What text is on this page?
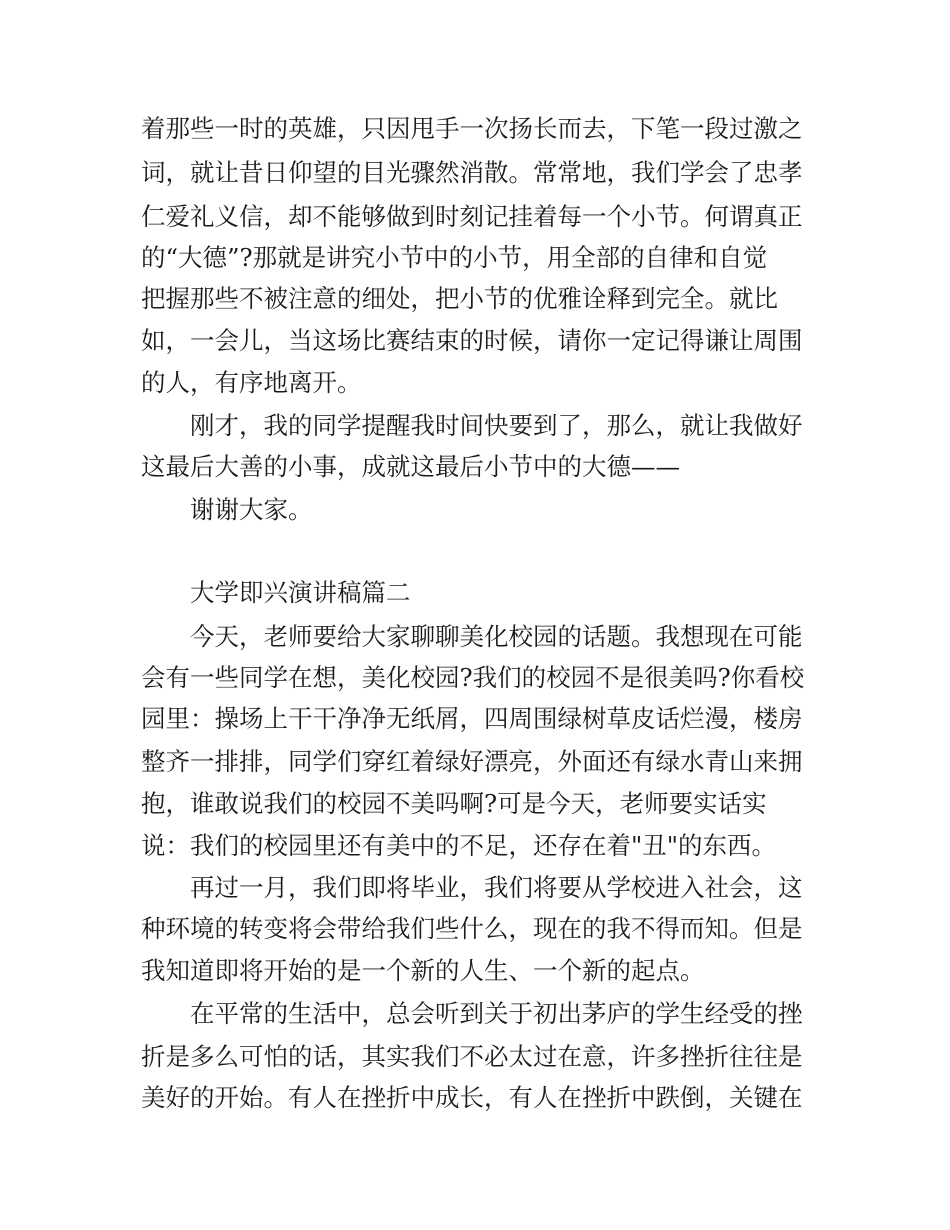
着那些一时的英雄，只因甩手一次扬长而去，下笔一段过激之
词，就让昔日仰望的目光骤然消散。常常地，我们学会了忠孝
仁爱礼义信，却不能够做到时刻记挂着每一个小节。何谓真正
的“大德”?那就是讲究小节中的小节，用全部的自律和自觉
把握那些不被注意的细处，把小节的优雅诠释到完全。就比
如，一会儿，当这场比赛结束的时候，请你一定记得谦让周围
的人，有序地离开。
刚才，我的同学提醒我时间快要到了，那么，就让我做好
这最后大善的小事，成就这最后小节中的大德——
谢谢大家。
大学即兴演讲稿篇二
今天，老师要给大家聊聊美化校园的话题。我想现在可能
会有一些同学在想，美化校园?我们的校园不是很美吗?你看校
园里：操场上干干净净无纸屑，四周围绿树草皮话烂漫，楼房
整齐一排排，同学们穿红着绿好漂亮，外面还有绿水青山来拥
抱，谁敢说我们的校园不美吗啊?可是今天，老师要实话实
说：我们的校园里还有美中的不足，还存在着"丑"的东西。
再过一月，我们即将毕业，我们将要从学校进入社会，这
种环境的转变将会带给我们些什么，现在的我不得而知。但是
我知道即将开始的是一个新的人生、一个新的起点。
在平常的生活中，总会听到关于初出茅庐的学生经受的挫
折是多么可怕的话，其实我们不必太过在意，许多挫折往往是
美好的开始。有人在挫折中成长，有人在挫折中跌倒，关键在
